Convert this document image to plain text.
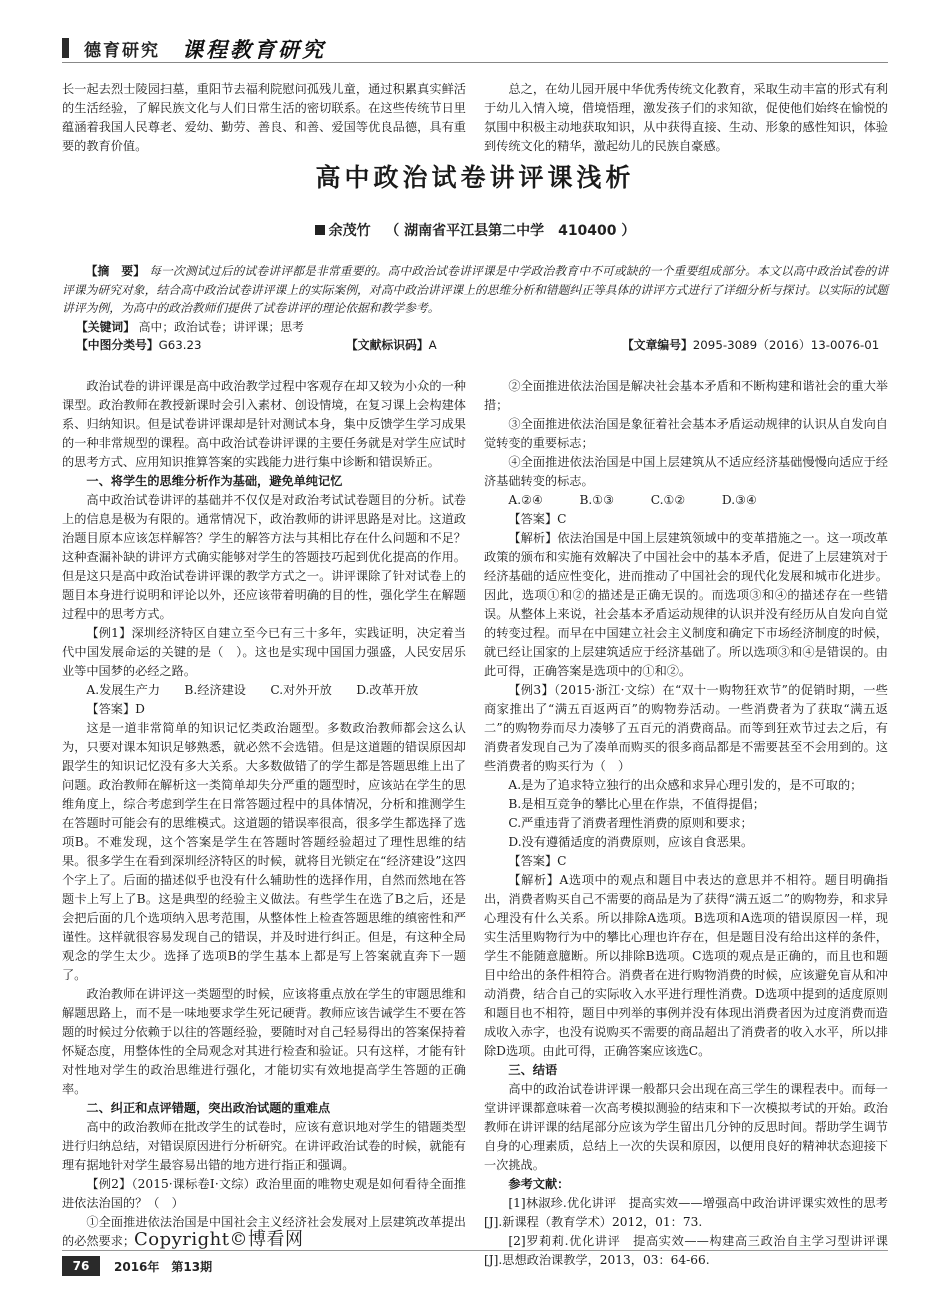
德育研究 课程教育研究

长一起去烈士陵园扫墓，重阳节去福利院慰问孤残儿童，通过积累真实鲜活的生活经验，了解民族文化与人们日常生活的密切联系。在这些传统节日里蕴涵着我国人民尊老、爱幼、勤劳、善良、和善、爱国等优良品德，具有重要的教育价值。

总之，在幼儿园开展中华优秀传统文化教育，采取生动丰富的形式有利于幼儿入情入境，借境悟理，激发孩子们的求知欲，促使他们始终在愉悦的氛围中积极主动地获取知识，从中获得直接、生动、形象的感性知识，体验到传统文化的精华，激起幼儿的民族自豪感。

高中政治试卷讲评课浅析
余茂竹 （ 湖南省平江县第二中学　410400 ）

【摘　要】 每一次测试过后的试卷讲评都是非常重要的。高中政治试卷讲评课是中学政治教育中不可或缺的一个重要组成部分。本文以高中政治试卷的讲评课为研究对象，结合高中政治试卷讲评课上的实际案例，对高中政治讲评课上的思维分析和错题纠正等具体的讲评方式进行了详细分析与探讨。以实际的试题讲评为例，为高中的政治教师们提供了试卷讲评的理论依据和教学参考。

【关键词】 高中；政治试卷；讲评课；思考

【中图分类号】G63.23	【文献标识码】A	【文章编号】2095-3089（2016）13-0076-01

政治试卷的讲评课是高中政治教学过程中客观存在却又较为小众的一种课型。政治教师在教授新课时会引入素材、创设情境，在复习课上会构建体系、归纳知识。但是试卷讲评课却是针对测试本身，集中反馈学生学习成果的一种非常规型的课程。高中政治试卷讲评课的主要任务就是对学生应试时的思考方式、应用知识推算答案的实践能力进行集中诊断和错误矫正。

一、将学生的思维分析作为基础，避免单纯记忆

高中政治试卷讲评的基础并不仅仅是对政治考试试卷题目的分析。试卷上的信息是极为有限的。通常情况下，政治教师的讲评思路是对比。这道政治题目原本应该怎样解答？学生的解答方法与其相比存在什么问题和不足？这种查漏补缺的讲评方式确实能够对学生的答题技巧起到优化提高的作用。但是这只是高中政治试卷讲评课的教学方式之一。讲评课除了针对试卷上的题目本身进行说明和评论以外，还应该带着明确的目的性，强化学生在解题过程中的思考方式。

【例1】深圳经济特区自建立至今已有三十多年，实践证明，决定着当代中国发展命运的关键的是（　）。这也是实现中国国力强盛，人民安居乐业等中国梦的必经之路。

A.发展生产力　　B.经济建设　　C.对外开放　　D.改革开放

【答案】D

这是一道非常简单的知识记忆类政治题型。多数政治教师都会这么认为，只要对课本知识足够熟悉，就必然不会选错。但是这道题的错误原因却跟学生的知识记忆没有多大关系。大多数做错了的学生都是答题思维上出了问题。政治教师在解析这一类简单却失分严重的题型时，应该站在学生的思维角度上，综合考虑到学生在日常答题过程中的具体情况，分析和推测学生在答题时可能会有的思维模式。这道题的错误率很高，很多学生都选择了选项B。不难发现，这个答案是学生在答题时答题经验超过了理性思维的结果。很多学生在看到深圳经济特区的时候，就将目光锁定在“经济建设”这四个字上了。后面的描述似乎也没有什么辅助性的选择作用，自然而然地在答题卡上写上了B。这是典型的经验主义做法。有些学生在选了B之后，还是会把后面的几个选项纳入思考范围，从整体性上检查答题思维的缜密性和严谨性。这样就很容易发现自己的错误，并及时进行纠正。但是，有这种全局观念的学生太少。选择了选项B的学生基本上都是写上答案就直奔下一题了。

政治教师在讲评这一类题型的时候，应该将重点放在学生的审题思维和解题思路上，而不是一味地要求学生死记硬背。教师应该告诫学生不要在答题的时候过分依赖于以往的答题经验，要随时对自己轻易得出的答案保持着怀疑态度，用整体性的全局观念对其进行检查和验证。只有这样，才能有针对性地对学生的政治思维进行强化，才能切实有效地提高学生答题的正确率。

二、纠正和点评错题，突出政治试题的重难点

高中的政治教师在批改学生的试卷时，应该有意识地对学生的错题类型进行归纳总结，对错误原因进行分析研究。在讲评政治试卷的时候，就能有理有据地针对学生最容易出错的地方进行指正和强调。

【例2】（2015·课标卷Ⅰ·文综）政治里面的唯物史观是如何看待全面推进依法治国的？（　）

①全面推进依法治国是中国社会主义经济社会发展对上层建筑改革提出的必然要求；

②全面推进依法治国是解决社会基本矛盾和不断构建和谐社会的重大举措；

③全面推进依法治国是象征着社会基本矛盾运动规律的认识从自发向自觉转变的重要标志；

④全面推进依法治国是中国上层建筑从不适应经济基础慢慢向适应于经济基础转变的标志。

A.②④　　　B.①③　　　C.①②　　　D.③④

【答案】C

【解析】依法治国是中国上层建筑领域中的变革措施之一。这一项改革政策的颁布和实施有效解决了中国社会中的基本矛盾，促进了上层建筑对于经济基础的适应性变化，进而推动了中国社会的现代化发展和城市化进步。因此，选项①和②的描述是正确无误的。而选项③和④的描述存在一些错误。从整体上来说，社会基本矛盾运动规律的认识并没有经历从自发向自觉的转变过程。而早在中国建立社会主义制度和确定下市场经济制度的时候，就已经让国家的上层建筑适应于经济基础了。所以选项③和④是错误的。由此可得，正确答案是选项中的①和②。

【例3】（2015·浙江·文综）在“双十一购物狂欢节”的促销时期，一些商家推出了“满五百返两百”的购物券活动。一些消费者为了获取“满五返二”的购物券而尽力凑够了五百元的消费商品。而等到狂欢节过去之后，有消费者发现自己为了凑单而购买的很多商品都是不需要甚至不会用到的。这些消费者的购买行为（　）

A.是为了追求特立独行的出众感和求异心理引发的，是不可取的；

B.是相互竞争的攀比心里在作祟，不值得提倡；

C.严重违背了消费者理性消费的原则和要求；

D.没有遵循适度的消费原则，应该自食恶果。

【答案】C

【解析】A选项中的观点和题目中表达的意思并不相符。题目明确指出，消费者购买自己不需要的商品是为了获得“满五返二”的购物券，和求异心理没有什么关系。所以排除A选项。B选项和A选项的错误原因一样，现实生活里购物行为中的攀比心理也许存在，但是题目没有给出这样的条件，学生不能随意臆断。所以排除B选项。C选项的观点是正确的，而且也和题目中给出的条件相符合。消费者在进行购物消费的时候，应该避免盲从和冲动消费，结合自己的实际收入水平进行理性消费。D选项中提到的适度原则和题目也不相符，题目中列举的事例并没有体现出消费者因为过度消费而造成收入赤字，也没有说购买不需要的商品超出了消费者的收入水平，所以排除D选项。由此可得，正确答案应该选C。

三、结语

高中的政治试卷讲评课一般都只会出现在高三学生的课程表中。而每一堂讲评课都意味着一次高考模拟测验的结束和下一次模拟考试的开始。政治教师在讲评课的结尾部分应该为学生留出几分钟的反思时间。帮助学生调节自身的心理素质，总结上一次的失误和原因，以便用良好的精神状态迎接下一次挑战。

参考文献：

[1]林淑珍.优化讲评　提高实效——增强高中政治讲评课实效性的思考[J].新课程（教育学术）2012，01：73.

[2]罗莉莉.优化讲评　提高实效——构建高三政治自主学习型讲评课[J].思想政治课教学，2013，03：64-66.

Copyright©博看网
76	2016年　第13期
